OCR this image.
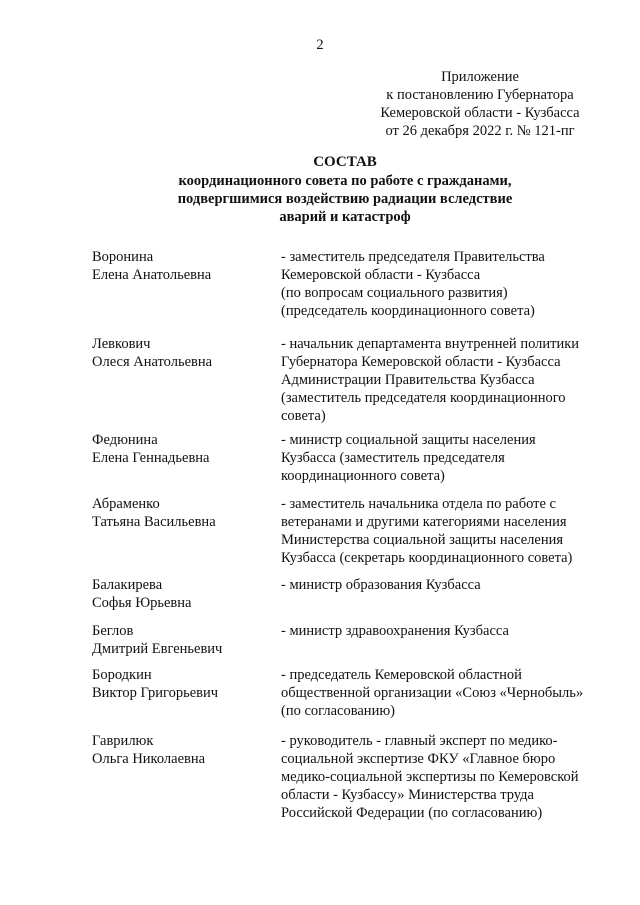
2
Приложение
к постановлению Губернатора
Кемеровской области - Кузбасса
от 26 декабря 2022 г. № 121-пг
СОСТАВ
координационного совета по работе с гражданами,
подвергшимися воздействию радиации вследствие
аварий и катастроф
Воронина
Елена Анатольевна
- заместитель председателя Правительства
Кемеровской области - Кузбасса
(по вопросам социального развития)
(председатель координационного совета)
Левкович
Олеся Анатольевна
- начальник департамента внутренней политики
Губернатора Кемеровской области - Кузбасса
Администрации Правительства Кузбасса
(заместитель председателя координационного
совета)
Федюнина
Елена Геннадьевна
- министр социальной защиты населения
Кузбасса (заместитель председателя
координационного совета)
Абраменко
Татьяна Васильевна
- заместитель начальника отдела по работе с
ветеранами и другими категориями населения
Министерства социальной защиты населения
Кузбасса (секретарь координационного совета)
Балакирева
Софья Юрьевна
- министр образования Кузбасса
Беглов
Дмитрий Евгеньевич
- министр здравоохранения Кузбасса
Бородкин
Виктор Григорьевич
- председатель Кемеровской областной
общественной организации «Союз «Чернобыль»
(по согласованию)
Гаврилюк
Ольга Николаевна
- руководитель - главный эксперт по медико-
социальной экспертизе ФКУ «Главное бюро
медико-социальной экспертизы по Кемеровской
области - Кузбассу» Министерства труда
Российской Федерации (по согласованию)
